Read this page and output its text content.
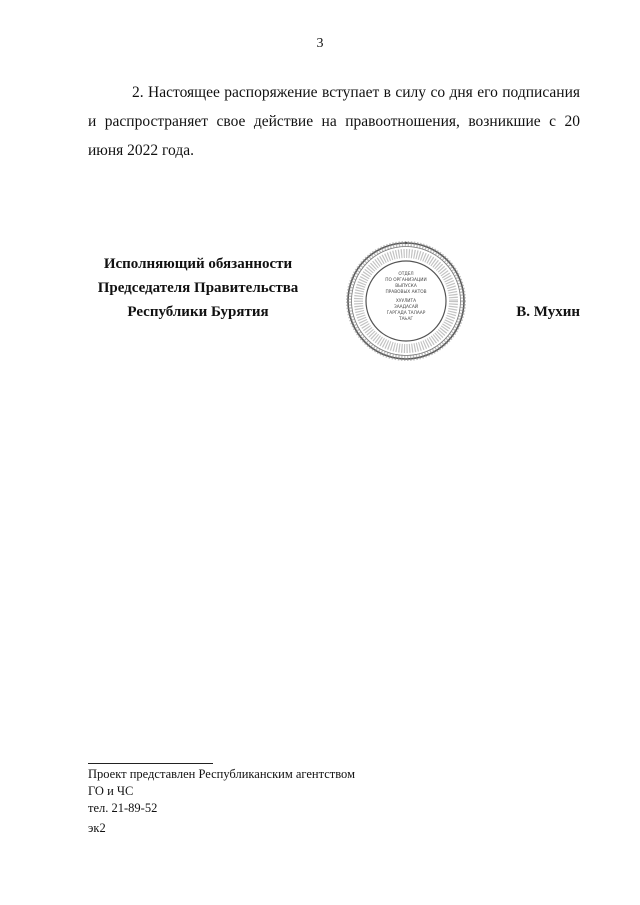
3
2. Настоящее распоряжение вступает в силу со дня его подписания и распространяет свое действие на правоотношения, возникшие с 20 июня 2022 года.
Исполняющий обязанности
Председателя Правительства
Республики Бурятия
ОТДЕЛ
ПО ОРГАНИЗАЦИИ
ВЫПУСКА
ПРАВОВЫХ АКТОВ
ХУУЛИТА
ЗААДАСАЙ
ГАРГАДА ТАЛААР
ТАҺАГ	В. Мухин
Проект представлен Республиканским агентством
ГО и ЧС
тел. 21-89-52
эк2
